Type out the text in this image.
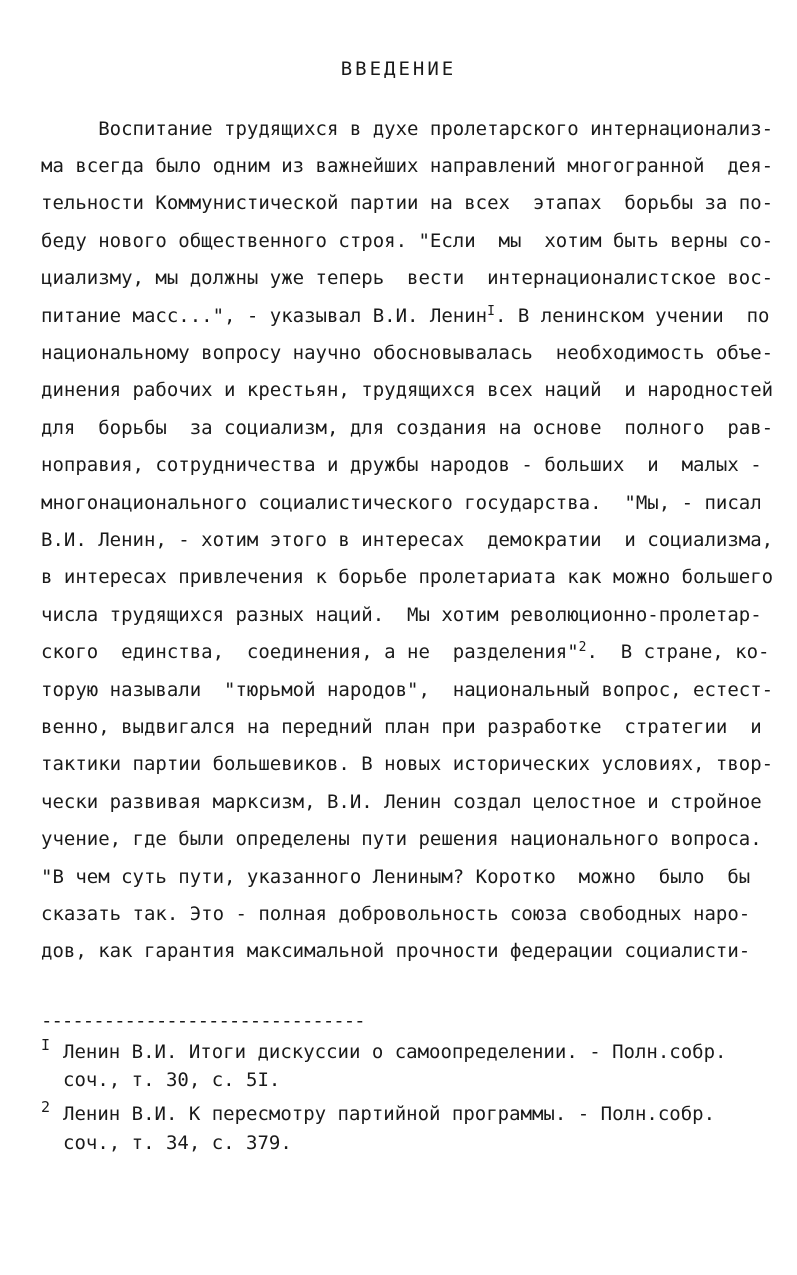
ВВЕДЕНИЕ
Воспитание трудящихся в духе пролетарского интернационализ-
ма всегда было одним из важнейших направлений многогранной  дея-
тельности Коммунистической партии на всех  этапах  борьбы за по-
беду нового общественного строя. "Если  мы  хотим быть верны со-
циализму, мы должны уже теперь  вести  интернационалистское вос-
питание масс...", - указывал В.И. Ленин$^I$. В ленинском учении  по
национальному вопросу научно обосновывалась  необходимость объе-
динения рабочих и крестьян, трудящихся всех наций  и народностей
для  борьбы  за социализм, для создания на основе  полного  рав-
ноправия, сотрудничества и дружбы народов - больших  и  малых -
многонационального социалистического государства.  "Мы, - писал
В.И. Ленин, - хотим этого в интересах  демократии  и социализма,
в интересах привлечения к борьбе пролетариата как можно большего
числа трудящихся разных наций.  Мы хотим революционно-пролетар-
ского  единства,  соединения, а не  разделения"$^2$.  В стране, ко-
торую называли  "тюрьмой народов",  национальный вопрос, естест-
венно, выдвигался на передний план при разработке  стратегии  и
тактики партии большевиков. В новых исторических условиях, твор-
чески развивая марксизм, В.И. Ленин создал целостное и стройное
учение, где были определены пути решения национального вопроса.
"В чем суть пути, указанного Лениным? Коротко  можно  было  бы
сказать так. Это - полная добровольность союза свободных наро-
дов, как гарантия максимальной прочности федерации социалисти-
-------------------------------

I

Ленин В.И. Итоги дискуссии о самоопределении. - Полн.собр.

соч., т. 30, с. 5I.

2

Ленин В.И. К пересмотру партийной программы. - Полн.собр.

соч., т. 34, с. 379.
